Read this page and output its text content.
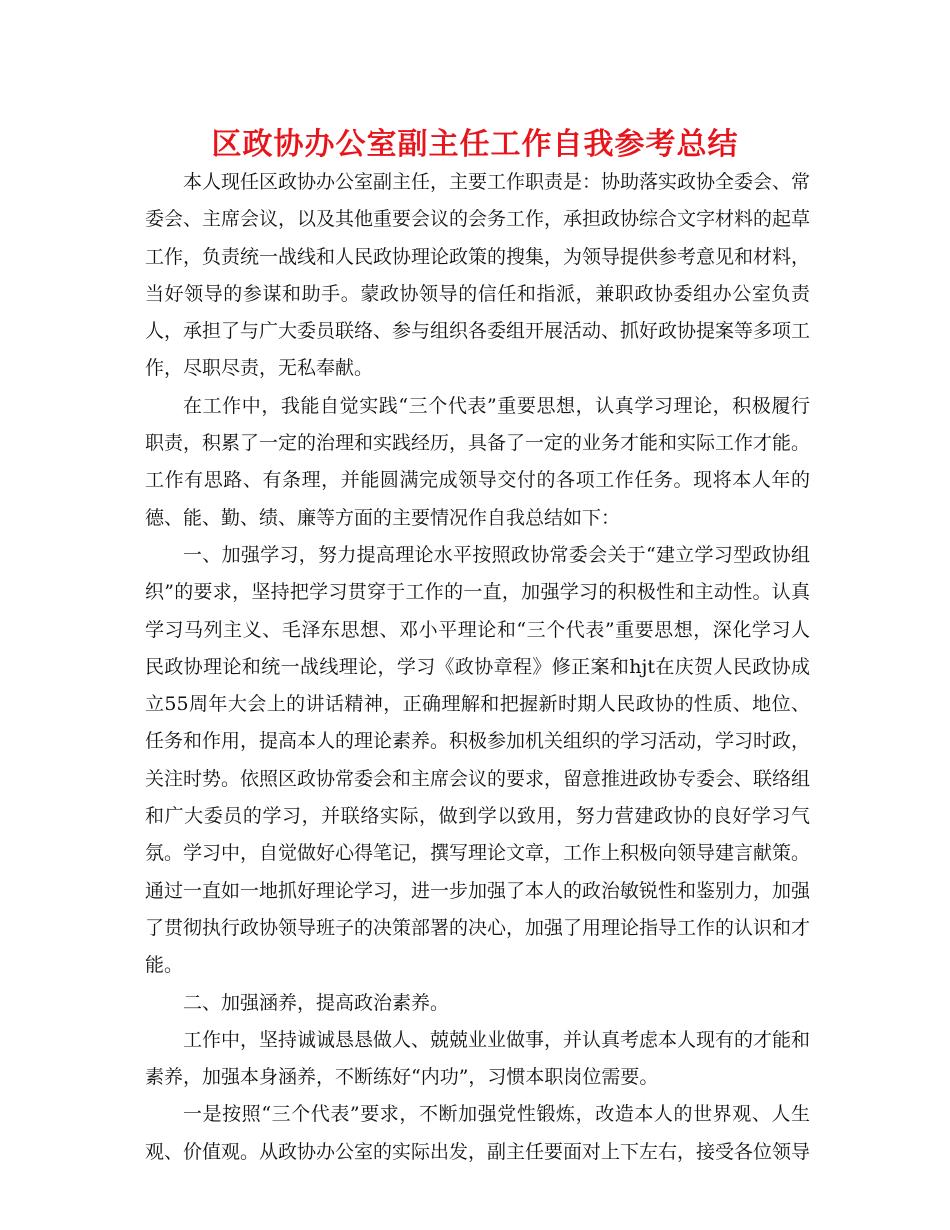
区政协办公室副主任工作自我参考总结

本人现任区政协办公室副主任，主要工作职责是：协助落实政协全委会、常委会、主席会议，以及其他重要会议的会务工作，承担政协综合文字材料的起草工作，负责统一战线和人民政协理论政策的搜集，为领导提供参考意见和材料，当好领导的参谋和助手。蒙政协领导的信任和指派，兼职政协委组办公室负责人，承担了与广大委员联络、参与组织各委组开展活动、抓好政协提案等多项工作，尽职尽责，无私奉献。

在工作中，我能自觉实践“三个代表”重要思想，认真学习理论，积极履行职责，积累了一定的治理和实践经历，具备了一定的业务才能和实际工作才能。工作有思路、有条理，并能圆满完成领导交付的各项工作任务。现将本人年的德、能、勤、绩、廉等方面的主要情况作自我总结如下：

一、加强学习，努力提高理论水平按照政协常委会关于“建立学习型政协组织”的要求，坚持把学习贯穿于工作的一直，加强学习的积极性和主动性。认真学习马列主义、毛泽东思想、邓小平理论和“三个代表”重要思想，深化学习人民政协理论和统一战线理论，学习《政协章程》修正案和hjt在庆贺人民政协成立55周年大会上的讲话精神，正确理解和把握新时期人民政协的性质、地位、任务和作用，提高本人的理论素养。积极参加机关组织的学习活动，学习时政，关注时势。依照区政协常委会和主席会议的要求，留意推进政协专委会、联络组和广大委员的学习，并联络实际，做到学以致用，努力营建政协的良好学习气氛。学习中，自觉做好心得笔记，撰写理论文章，工作上积极向领导建言献策。通过一直如一地抓好理论学习，进一步加强了本人的政治敏锐性和鉴别力，加强了贯彻执行政协领导班子的决策部署的决心，加强了用理论指导工作的认识和才能。

二、加强涵养，提高政治素养。

工作中，坚持诚诚恳恳做人、兢兢业业做事，并认真考虑本人现有的才能和素养，加强本身涵养，不断练好“内功”，习惯本职岗位需要。

一是按照“三个代表”要求，不断加强党性锻炼，改造本人的世界观、人生观、价值观。从政协办公室的实际出发，副主任要面对上下左右，接受各位领导
